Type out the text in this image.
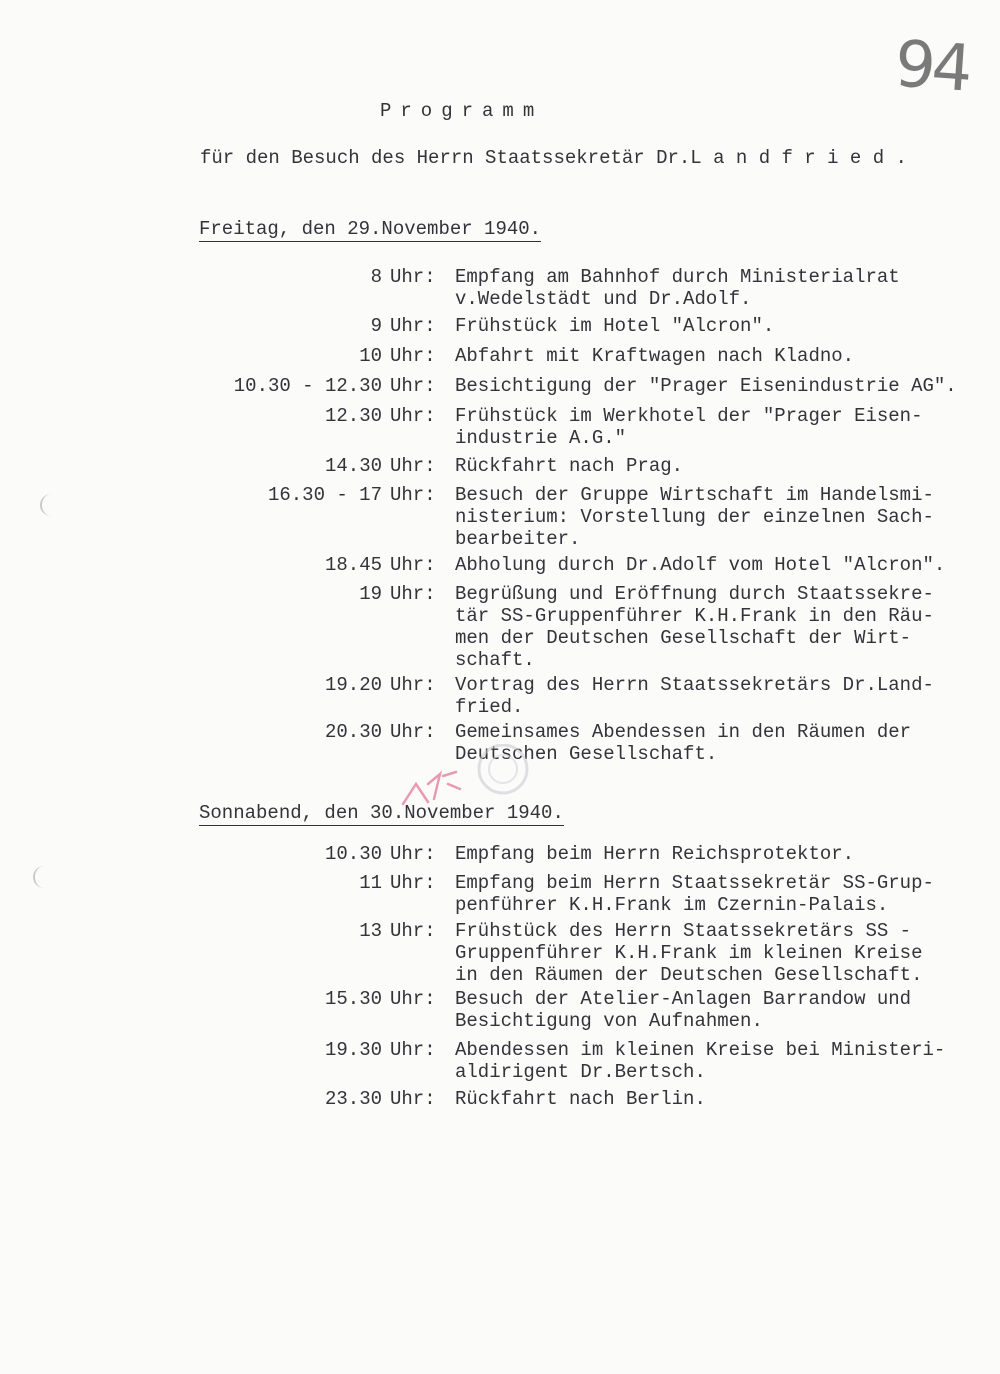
94
Programm
für den Besuch des Herrn Staatssekretär Dr.L a n d f r i e d .
Freitag, den 29.November 1940.
8 Uhr: Empfang am Bahnhof durch Ministerialrat
v.Wedelstädt und Dr.Adolf.
9 Uhr: Frühstück im Hotel "Alcron".
10 Uhr: Abfahrt mit Kraftwagen nach Kladno.
10.30 - 12.30 Uhr: Besichtigung der "Prager Eisenindustrie AG".
12.30 Uhr: Frühstück im Werkhotel der "Prager Eisen-
industrie A.G."
14.30 Uhr: Rückfahrt nach Prag.
16.30 - 17 Uhr: Besuch der Gruppe Wirtschaft im Handelsmi-
nisterium: Vorstellung der einzelnen Sach-
bearbeiter.
18.45 Uhr: Abholung durch Dr.Adolf vom Hotel "Alcron".
19 Uhr: Begrüßung und Eröffnung durch Staatssekre-
tär SS-Gruppenführer K.H.Frank in den Räu-
men der Deutschen Gesellschaft der Wirt-
schaft.
19.20 Uhr: Vortrag des Herrn Staatssekretärs Dr.Land-
fried.
20.30 Uhr: Gemeinsames Abendessen in den Räumen der
Deutschen Gesellschaft.
Sonnabend, den 30.November 1940.
10.30 Uhr: Empfang beim Herrn Reichsprotektor.
11 Uhr: Empfang beim Herrn Staatssekretär SS-Grup-
penführer K.H.Frank im Czernin-Palais.
13 Uhr: Frühstück des Herrn Staatssekretärs SS -
Gruppenführer K.H.Frank im kleinen Kreise
in den Räumen der Deutschen Gesellschaft.
15.30 Uhr: Besuch der Atelier-Anlagen Barrandow und
Besichtigung von Aufnahmen.
19.30 Uhr: Abendessen im kleinen Kreise bei Ministeri-
aldirigent Dr.Bertsch.
23.30 Uhr: Rückfahrt nach Berlin.
